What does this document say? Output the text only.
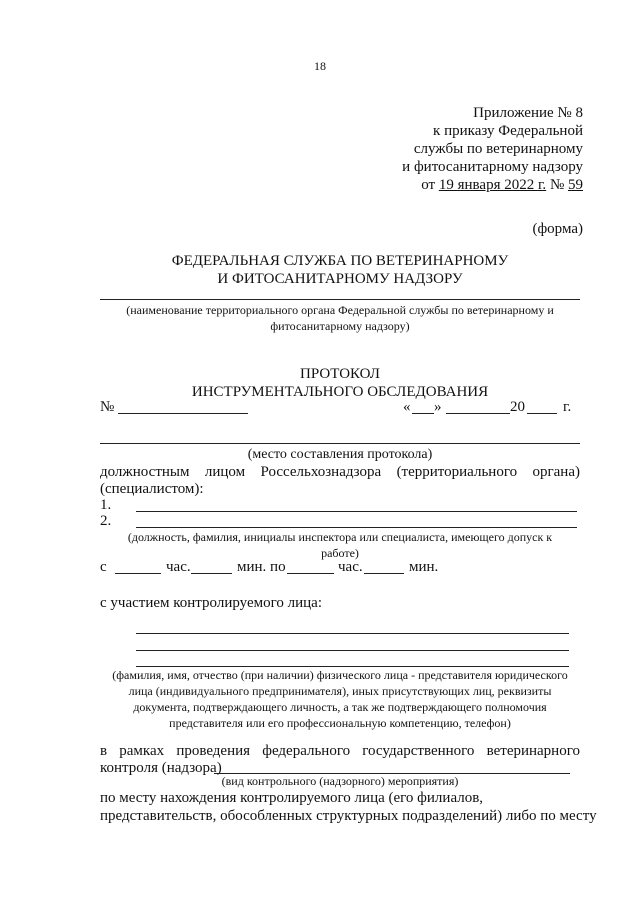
18
Приложение № 8
к приказу Федеральной
службы по ветеринарному
и фитосанитарному надзору
от 19 января 2022 г. № 59
(форма)
ФЕДЕРАЛЬНАЯ СЛУЖБА ПО ВЕТЕРИНАРНОМУ
И ФИТОСАНИТАРНОМУ НАДЗОРУ
(наименование территориального органа Федеральной службы по ветеринарному и
фитосанитарному надзору)
ПРОТОКОЛ
ИНСТРУМЕНТАЛЬНОГО ОБСЛЕДОВАНИЯ
№	« »	20	г.
(место составления протокола)
должностным лицом Россельхознадзора (территориального органа)
(специалистом):
1.
2.
(должность, фамилия, инициалы инспектора или специалиста, имеющего допуск к
работе)
с	час.	мин. по	час.	мин.
с участием контролируемого лица:
(фамилия, имя, отчество (при наличии) физического лица - представителя юридического
лица (индивидуального предпринимателя), иных присутствующих лиц, реквизиты
документа, подтверждающего личность, а так же подтверждающего полномочия
представителя или его профессиональную компетенцию, телефон)
в рамках проведения федерального государственного ветеринарного
контроля (надзора)
(вид контрольного (надзорного) мероприятия)
по месту нахождения контролируемого лица (его филиалов,
представительств, обособленных структурных подразделений) либо по месту
